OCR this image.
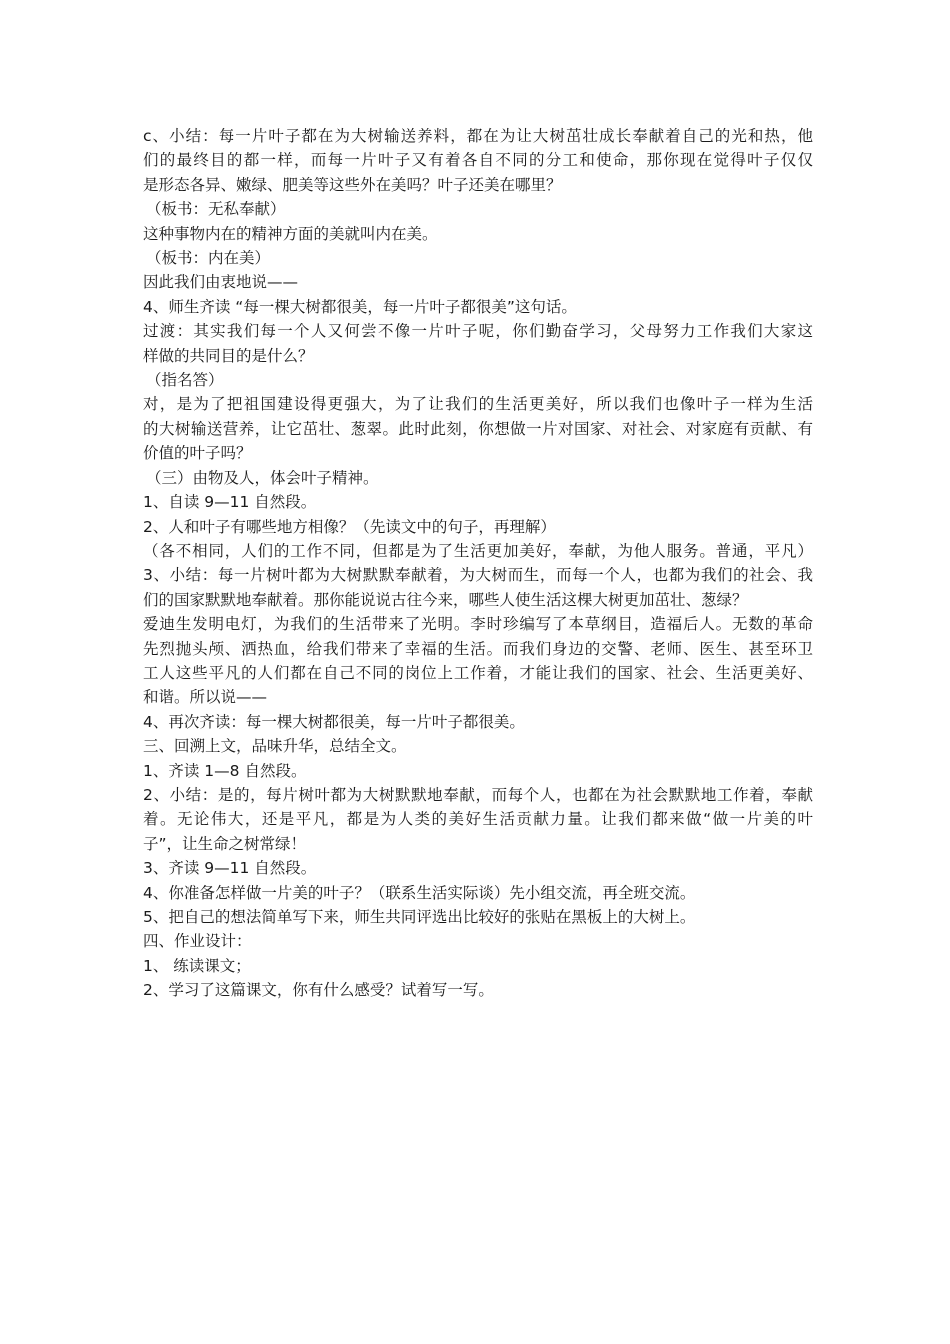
c、小结：每一片叶子都在为大树输送养料，都在为让大树茁壮成长奉献着自己的光和热，他
们的最终目的都一样，而每一片叶子又有着各自不同的分工和使命，那你现在觉得叶子仅仅
是形态各异、嫩绿、肥美等这些外在美吗？叶子还美在哪里？
（板书：无私奉献）
这种事物内在的精神方面的美就叫内在美。
（板书：内在美）
因此我们由衷地说——
4、师生齐读 “每一棵大树都很美，每一片叶子都很美”这句话。
过渡：其实我们每一个人又何尝不像一片叶子呢，你们勤奋学习，父母努力工作我们大家这
样做的共同目的是什么？
（指名答）
对，是为了把祖国建设得更强大，为了让我们的生活更美好，所以我们也像叶子一样为生活
的大树输送营养，让它茁壮、葱翠。此时此刻，你想做一片对国家、对社会、对家庭有贡献、有
价值的叶子吗？
（三）由物及人，体会叶子精神。
1、自读 9—11 自然段。
2、人和叶子有哪些地方相像？（先读文中的句子，再理解）
（各不相同，人们的工作不同，但都是为了生活更加美好，奉献，为他人服务。普通，平凡）
3、小结：每一片树叶都为大树默默奉献着，为大树而生，而每一个人，也都为我们的社会、我
们的国家默默地奉献着。那你能说说古往今来，哪些人使生活这棵大树更加茁壮、葱绿？
爱迪生发明电灯，为我们的生活带来了光明。李时珍编写了本草纲目，造福后人。无数的革命
先烈抛头颅、洒热血，给我们带来了幸福的生活。而我们身边的交警、老师、医生、甚至环卫
工人这些平凡的人们都在自己不同的岗位上工作着，才能让我们的国家、社会、生活更美好、
和谐。所以说——
4、再次齐读：每一棵大树都很美，每一片叶子都很美。
三、回溯上文，品味升华，总结全文。
1、齐读 1—8 自然段。
2、小结：是的，每片树叶都为大树默默地奉献，而每个人，也都在为社会默默地工作着，奉献
着。无论伟大，还是平凡，都是为人类的美好生活贡献力量。让我们都来做“做一片美的叶
子”，让生命之树常绿！
3、齐读 9—11 自然段。
4、你准备怎样做一片美的叶子？（联系生活实际谈）先小组交流，再全班交流。
5、把自己的想法简单写下来，师生共同评选出比较好的张贴在黑板上的大树上。
四、作业设计：
1、 练读课文；
2、学习了这篇课文，你有什么感受？试着写一写。
